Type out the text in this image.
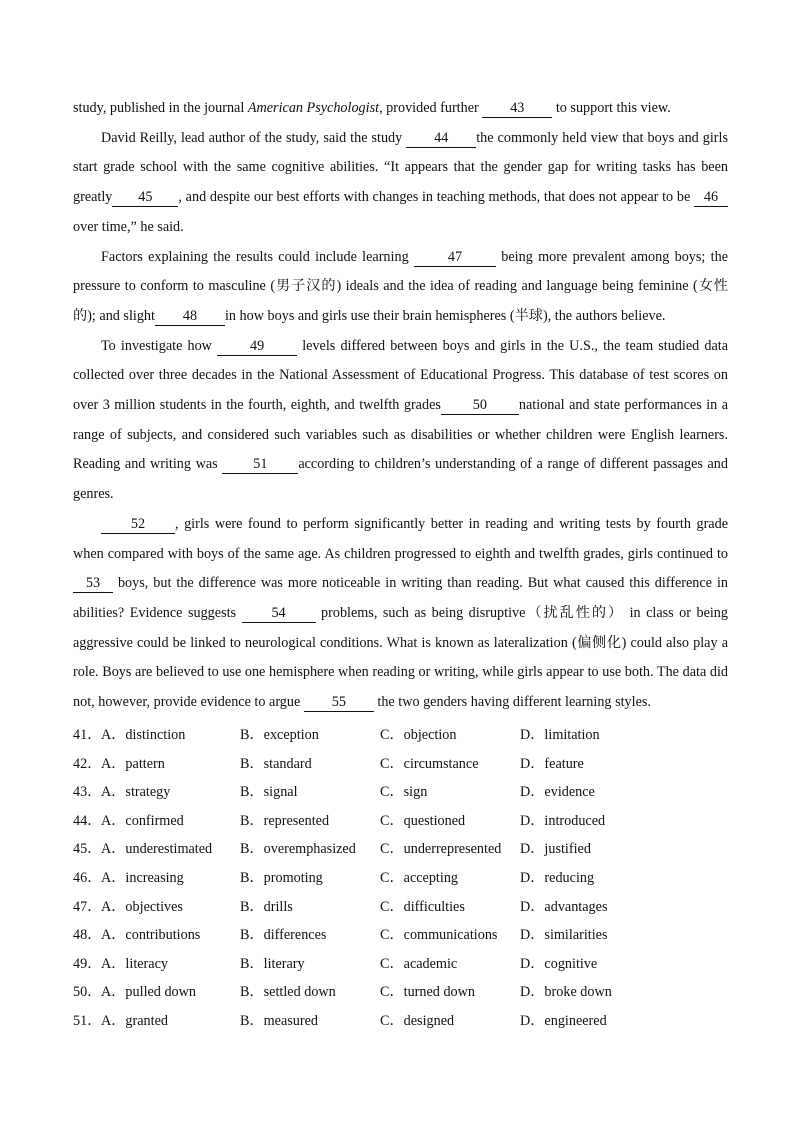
study, published in the journal American Psychologist, provided further 43 to support this view.

David Reilly, lead author of the study, said the study 44 the commonly held view that boys and girls start grade school with the same cognitive abilities. “It appears that the gender gap for writing tasks has been greatly 45 , and despite our best efforts with changes in teaching methods, that does not appear to be 46 over time,” he said.

Factors explaining the results could include learning 47 being more prevalent among boys; the pressure to conform to masculine (男子汉的) ideals and the idea of reading and language being feminine (女性的); and slight 48 in how boys and girls use their brain hemispheres (半球), the authors believe.

To investigate how 49 levels differed between boys and girls in the U.S., the team studied data collected over three decades in the National Assessment of Educational Progress. This database of test scores on over 3 million students in the fourth, eighth, and twelfth grades 50 national and state performances in a range of subjects, and considered such variables such as disabilities or whether children were English learners. Reading and writing was 51 according to children’s understanding of a range of different passages and genres.

52 , girls were found to perform significantly better in reading and writing tests by fourth grade when compared with boys of the same age. As children progressed to eighth and twelfth grades, girls continued to 53 boys, but the difference was more noticeable in writing than reading. But what caused this difference in abilities? Evidence suggests 54 problems, such as being disruptive（扰乱性的） in class or being aggressive could be linked to neurological conditions. What is known as lateralization (偏侧化) could also play a role. Boys are believed to use one hemisphere when reading or writing, while girls appear to use both. The data did not, however, provide evidence to argue 55 the two genders having different learning styles.

41． A．distinction	B．exception	C．objection	D．limitation
42． A．pattern	B．standard	C．circumstance	D．feature
43． A．strategy	B．signal	C．sign	D．evidence
44． A．confirmed	B．represented	C．questioned	D．introduced
45． A．underestimated	B．overemphasized	C．underrepresented	D．justified
46． A．increasing	B．promoting	C．accepting	D．reducing
47． A．objectives	B．drills	C．difficulties	D．advantages
48． A．contributions	B．differences	C．communications	D．similarities
49． A．literacy	B．literary	C．academic	D．cognitive
50． A．pulled down	B．settled down	C．turned down	D．broke down
51． A．granted	B．measured	C．designed	D．engineered
